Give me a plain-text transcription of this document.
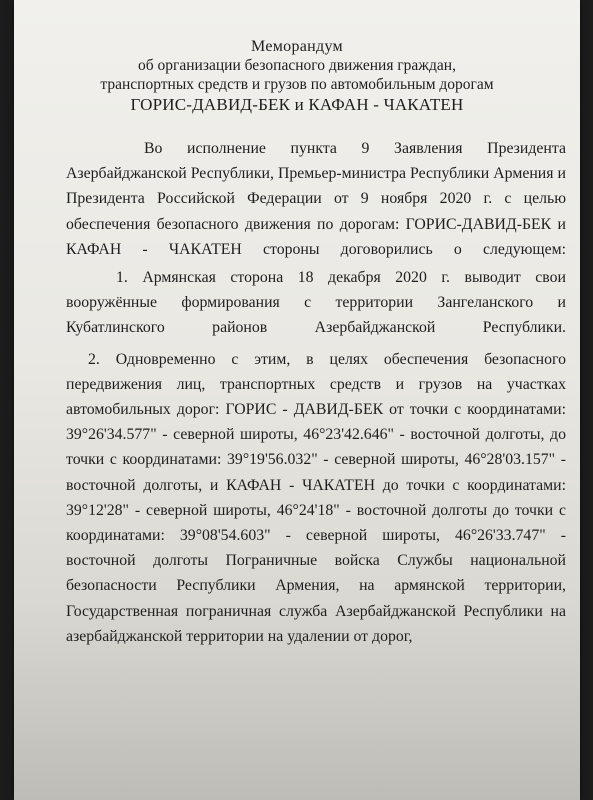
Меморандум
об организации безопасного движения граждан,
транспортных средств и грузов по автомобильным дорогам
ГОРИС-ДАВИД-БЕК и КАФАН - ЧАКАТЕН

Во исполнение пункта 9 Заявления Президента Азербайджанской Республики, Премьер-министра Республики Армения и Президента Российской Федерации от 9 ноября 2020 г. с целью обеспечения безопасного движения по дорогам: ГОРИС-ДАВИД-БЕК и КАФАН - ЧАКАТЕН стороны договорились о следующем:

1. Армянская сторона 18 декабря 2020 г. выводит свои вооружённые формирования с территории Зангеланского и Кубатлинского районов Азербайджанской Республики.

2. Одновременно с этим, в целях обеспечения безопасного передвижения лиц, транспортных средств и грузов на участках автомобильных дорог: ГОРИС - ДАВИД-БЕК от точки с координатами: 39°26'34.577" - северной широты, 46°23'42.646" - восточной долготы, до точки с координатами: 39°19'56.032" - северной широты, 46°28'03.157" - восточной долготы, и КАФАН - ЧАКАТЕН до точки с координатами: 39°12'28" - северной широты, 46°24'18" - восточной долготы до точки с координатами: 39°08'54.603" - северной широты, 46°26'33.747" - восточной долготы Пограничные войска Службы национальной безопасности Республики Армения, на армянской территории, Государственная пограничная служба Азербайджанской Республики на азербайджанской территории на удалении от дорог,
